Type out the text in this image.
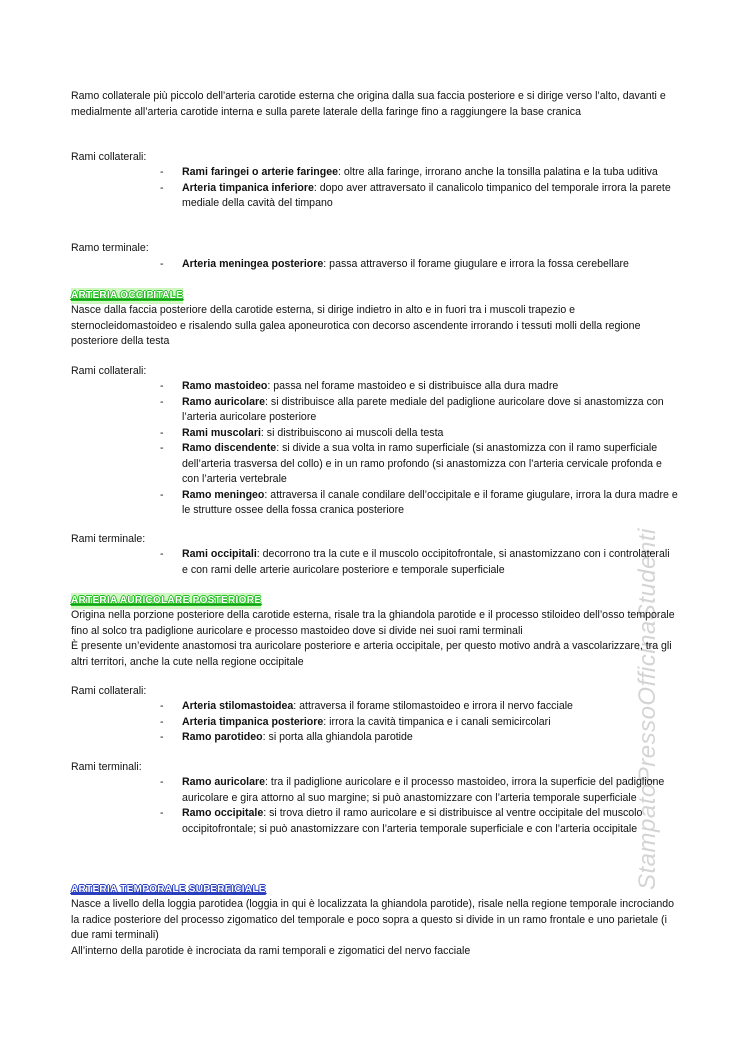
StampatoPressoOfficinaStudenti
Ramo collaterale più piccolo dell’arteria carotide esterna che origina dalla sua faccia posteriore e si dirige verso l’alto, davanti e medialmente all’arteria carotide interna e sulla parete laterale della faringe fino a raggiungere la base cranica
Rami collaterali:
- Rami faringei o arterie faringee: oltre alla faringe, irrorano anche la tonsilla palatina e la tuba uditiva
- Arteria timpanica inferiore: dopo aver attraversato il canalicolo timpanico del temporale irrora la parete mediale della cavità del timpano
Ramo terminale:
- Arteria meningea posteriore: passa attraverso il forame giugulare e irrora la fossa cerebellare
ARTERIA OCCIPITALE
Nasce dalla faccia posteriore della carotide esterna, si dirige indietro in alto e in fuori tra i muscoli trapezio e sternocleidomastoideo e risalendo sulla galea aponeurotica con decorso ascendente irrorando i tessuti molli della regione posteriore della testa
Rami collaterali:
- Ramo mastoideo: passa nel forame mastoideo e si distribuisce alla dura madre
- Ramo auricolare: si distribuisce alla parete mediale del padiglione auricolare dove si anastomizza con l’arteria auricolare posteriore
- Rami muscolari: si distribuiscono ai muscoli della testa
- Ramo discendente: si divide a sua volta in ramo superficiale (si anastomizza con il ramo superficiale dell’arteria trasversa del collo) e in un ramo profondo (si anastomizza con l’arteria cervicale profonda e con l’arteria vertebrale
- Ramo meningeo: attraversa il canale condilare dell’occipitale e il forame giugulare, irrora la dura madre e le strutture ossee della fossa cranica posteriore
Rami terminale:
- Rami occipitali: decorrono tra la cute e il muscolo occipitofrontale, si anastomizzano con i controlaterali e con rami delle arterie auricolare posteriore e temporale superficiale
ARTERIA AURICOLARE POSTERIORE
Origina nella porzione posteriore della carotide esterna, risale tra la ghiandola parotide e il processo stiloideo dell’osso temporale fino al solco tra padiglione auricolare e processo mastoideo dove si divide nei suoi rami terminali
È presente un’evidente anastomosi tra auricolare posteriore e arteria occipitale, per questo motivo andrà a vascolarizzare, tra gli altri territori, anche la cute nella regione occipitale
Rami collaterali:
- Arteria stilomastoidea: attraversa il forame stilomastoideo e irrora il nervo facciale
- Arteria timpanica posteriore: irrora la cavità timpanica e i canali semicircolari
- Ramo parotideo: si porta alla ghiandola parotide
Rami terminali:
- Ramo auricolare: tra il padiglione auricolare e il processo mastoideo, irrora la superficie del padiglione auricolare e gira attorno al suo margine; si può anastomizzare con l’arteria temporale superficiale
- Ramo occipitale: si trova dietro il ramo auricolare e si distribuisce al ventre occipitale del muscolo occipitofrontale; si può anastomizzare con l’arteria temporale superficiale e con l’arteria occipitale
ARTERIA TEMPORALE SUPERFICIALE
Nasce a livello della loggia parotidea (loggia in qui è localizzata la ghiandola parotide), risale nella regione temporale incrociando la radice posteriore del processo zigomatico del temporale e poco sopra a questo si divide in un ramo frontale e uno parietale (i due rami terminali)
All’interno della parotide è incrociata da rami temporali e zigomatici del nervo facciale
